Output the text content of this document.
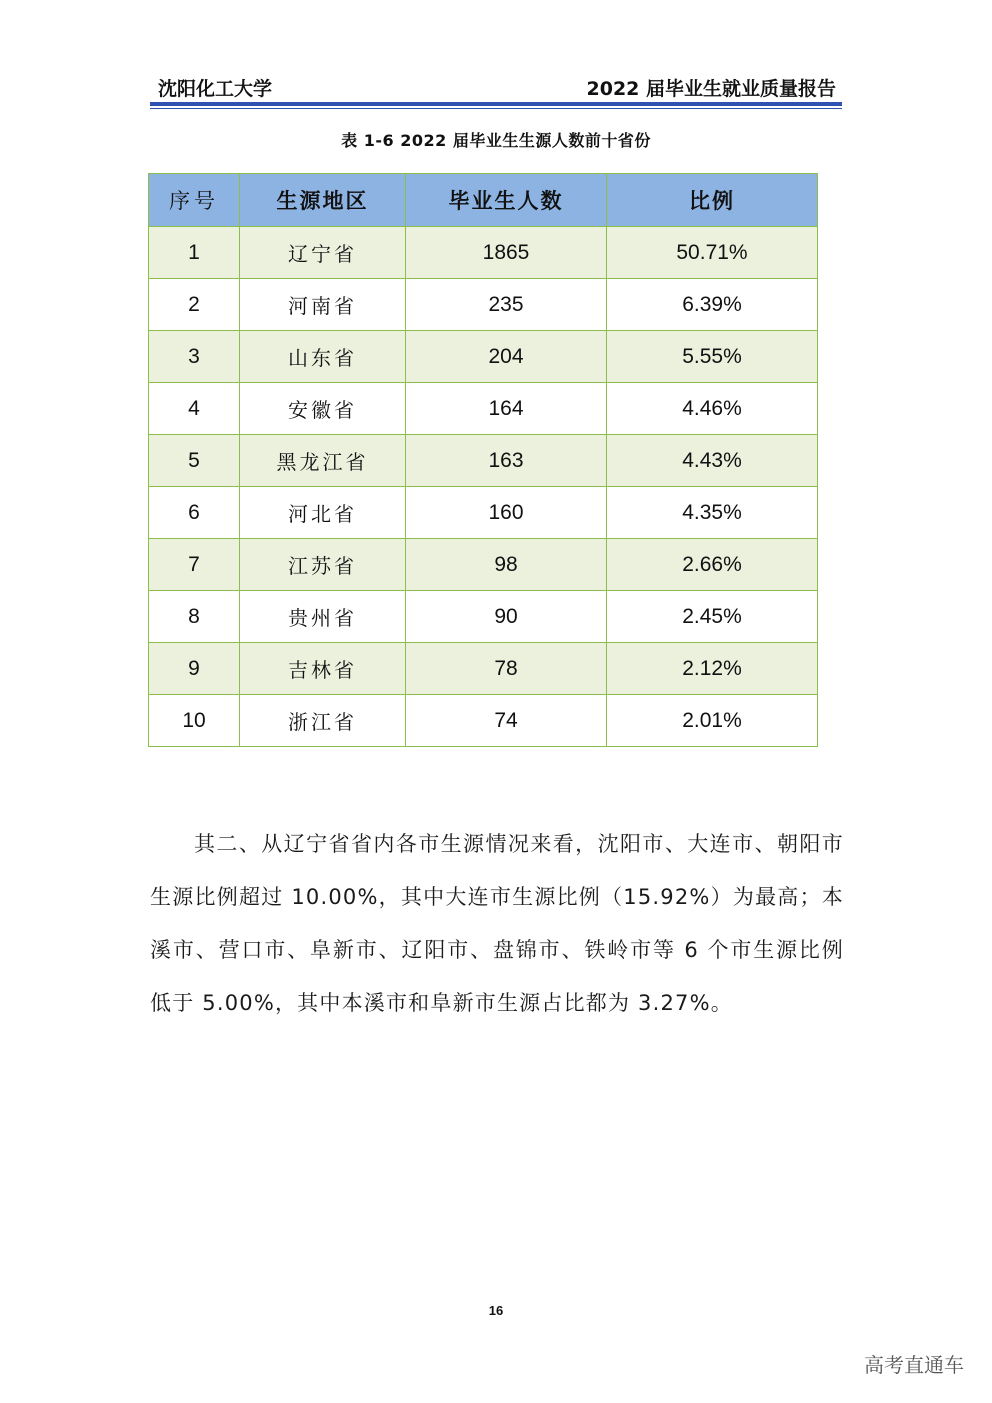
沈阳化工大学	2022 届毕业生就业质量报告
表 1-6 2022 届毕业生生源人数前十省份
序号	生源地区	毕业生人数	比例
1	辽宁省	1865	50.71%
2	河南省	235	6.39%
3	山东省	204	5.55%
4	安徽省	164	4.46%
5	黑龙江省	163	4.43%
6	河北省	160	4.35%
7	江苏省	98	2.66%
8	贵州省	90	2.45%
9	吉林省	78	2.12%
10	浙江省	74	2.01%
其二、从辽宁省省内各市生源情况来看，沈阳市、大连市、朝阳市生源比例超过 10.00%，其中大连市生源比例（15.92%）为最高；本溪市、营口市、阜新市、辽阳市、盘锦市、铁岭市等 6 个市生源比例低于 5.00%，其中本溪市和阜新市生源占比都为 3.27%。
16
高考直通车
